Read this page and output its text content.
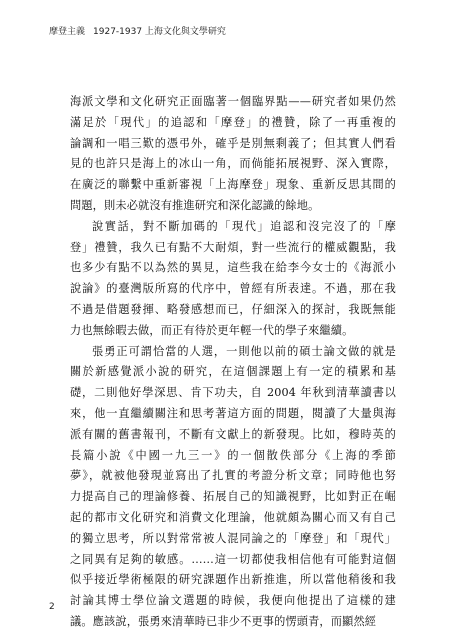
摩登主義 1927-1937 上海文化與文學研究
海派文學和文化研究正面臨著一個臨界點——研究者如果仍然
滿足於「現代」的追認和「摩登」的禮贊，除了一再重複的
論調和一唱三歎的憑弔外，確乎是別無剩義了；但其實人們看
見的也許只是海上的冰山一角，而倘能拓展視野、深入實際，
在廣泛的聯繫中重新審視「上海摩登」現象、重新反思其間的
問題，則未必就沒有推進研究和深化認識的餘地。
說實話，對不斷加碼的「現代」追認和沒完沒了的「摩
登」禮贊，我久已有點不大耐煩，對一些流行的權威觀點，我
也多少有點不以為然的異見，這些我在給李今女士的《海派小
說論》的臺灣版所寫的代序中，曾經有所表達。不過，那在我
不過是借題發揮、略發感想而已，仔細深入的探討，我既無能
力也無餘暇去做，而正有待於更年輕一代的學子來繼續。
張勇正可謂恰當的人選，一則他以前的碩士論文做的就是
關於新感覺派小說的研究，在這個課題上有一定的積累和基
礎，二則他好學深思、肯下功夫，自 2004 年秋到清華讀書以
來，他一直繼續關注和思考著這方面的問題，閱讀了大量與海
派有關的舊書報刊，不斷有文獻上的新發現。比如，穆時英的
長篇小說《中國一九三一》的一個散佚部分《上海的季節
夢》，就被他發現並寫出了扎實的考證分析文章；同時他也努
力提高自己的理論修養、拓展自己的知識視野，比如對正在崛
起的都市文化研究和消費文化理論，他就頗為關心而又有自己
的獨立思考，所以對常常被人混同論之的「摩登」和「現代」
之同異有足夠的敏感。……這一切都使我相信他有可能對這個
似乎接近學術極限的研究課題作出新推進，所以當他稍後和我
討論其博士學位論文選題的時候，我便向他提出了這樣的建
議。應該說，張勇來清華時已非少不更事的愣頭青，而顯然經
2
